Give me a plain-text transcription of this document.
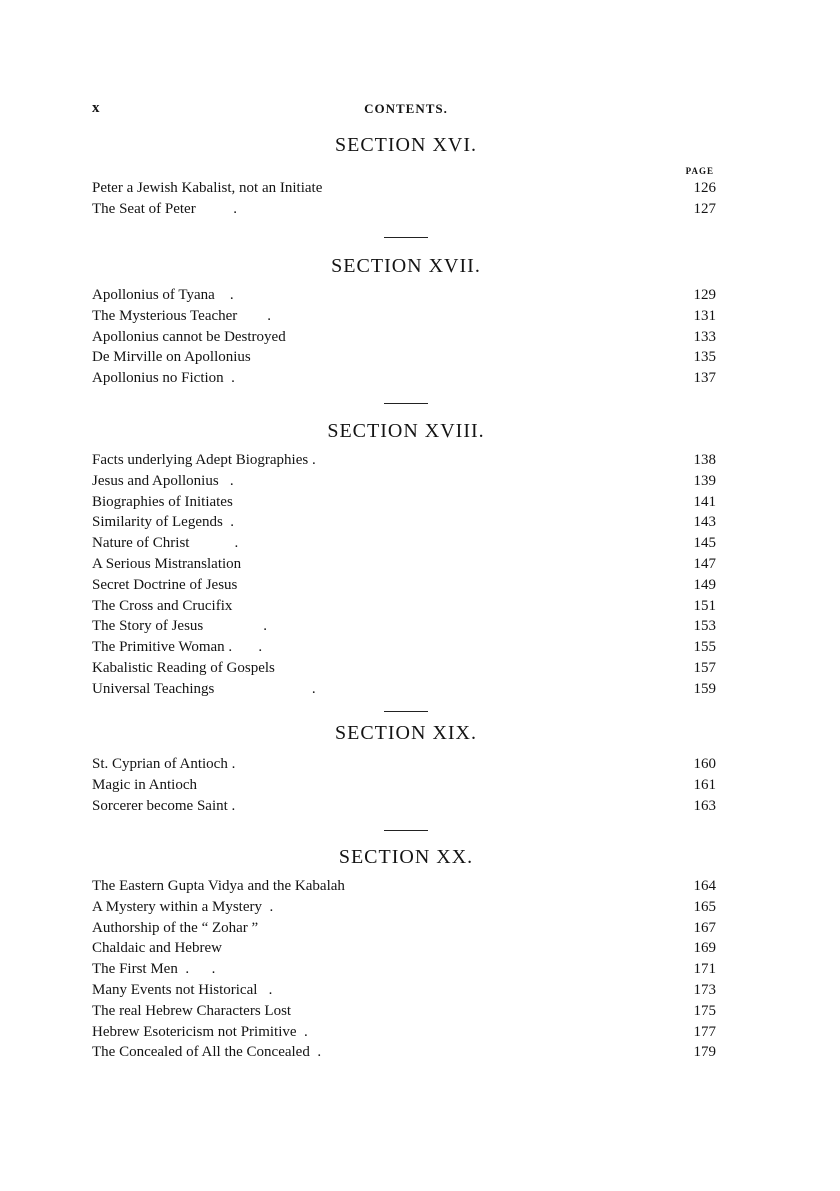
x	CONTENTS.
SECTION XVI.
PAGE
Peter a Jewish Kabalist, not an Initiate	126
The Seat of Peter          .	127
SECTION XVII.
Apollonius of Tyana    .	129
The Mysterious Teacher        .	131
Apollonius cannot be Destroyed	133
De Mirville on Apollonius	135
Apollonius no Fiction  .	137
SECTION XVIII.
Facts underlying Adept Biographies .	138
Jesus and Apollonius   .	139
Biographies of Initiates	141
Similarity of Legends  .	143
Nature of Christ            .	145
A Serious Mistranslation	147
Secret Doctrine of Jesus	149
The Cross and Crucifix	151
The Story of Jesus                .	153
The Primitive Woman .       .	155
Kabalistic Reading of Gospels	157
Universal Teachings                          .	159
SECTION XIX.
St. Cyprian of Antioch .	160
Magic in Antioch	161
Sorcerer become Saint .	163
SECTION XX.
The Eastern Gupta Vidya and the Kabalah	164
A Mystery within a Mystery  .	165
Authorship of the “ Zohar ”	167
Chaldaic and Hebrew	169
The First Men  .      .	171
Many Events not Historical   .	173
The real Hebrew Characters Lost	175
Hebrew Esotericism not Primitive  .	177
The Concealed of All the Concealed  .	179
